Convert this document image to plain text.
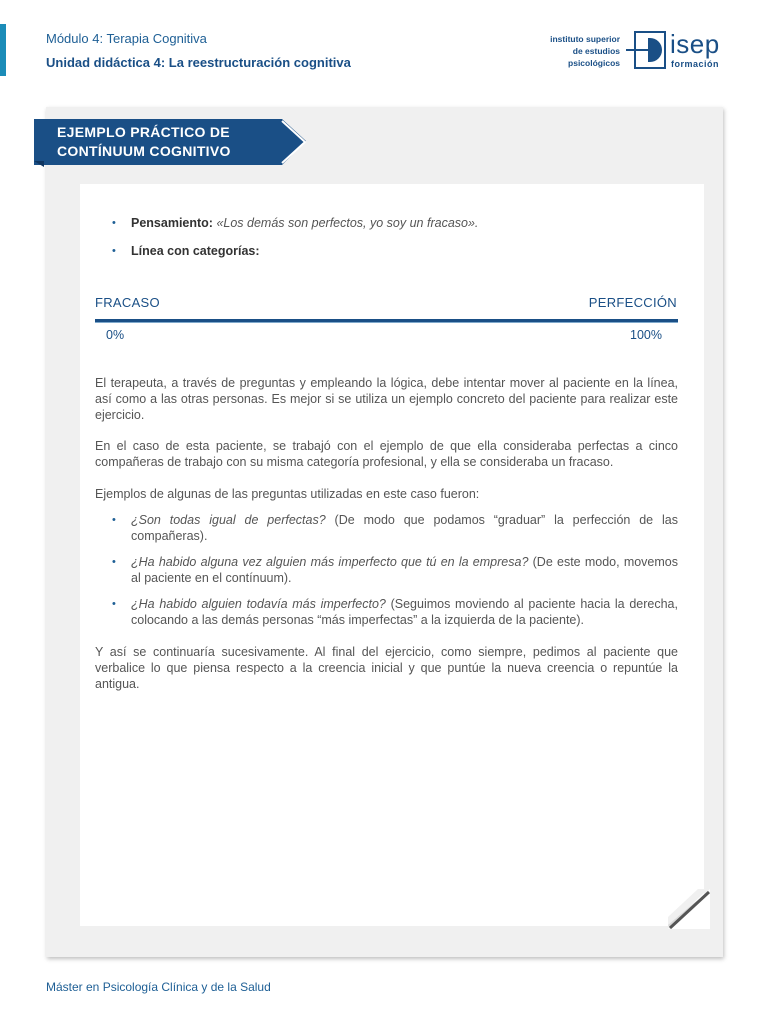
Módulo 4: Terapia Cognitiva
Unidad didáctica 4: La reestructuración cognitiva
instituto superior
de estudios
psicológicos
isep
formación
EJEMPLO PRÁCTICO DE
CONTÍNUUM COGNITIVO
• Pensamiento: «Los demás son perfectos, yo soy un fracaso».
• Línea con categorías:
FRACASO	PERFECCIÓN
0%	100%

El terapeuta, a través de preguntas y empleando la lógica, debe intentar mover al paciente en la línea, así como a las otras personas. Es mejor si se utiliza un ejemplo concreto del paciente para realizar este ejercicio.

En el caso de esta paciente, se trabajó con el ejemplo de que ella consideraba perfectas a cinco compañeras de trabajo con su misma categoría profesional, y ella se consideraba un fracaso.

Ejemplos de algunas de las preguntas utilizadas en este caso fueron:

• ¿Son todas igual de perfectas? (De modo que podamos “graduar” la perfección de las compañeras).
• ¿Ha habido alguna vez alguien más imperfecto que tú en la empresa? (De este modo, movemos al paciente en el contínuum).
• ¿Ha habido alguien todavía más imperfecto? (Seguimos moviendo al paciente hacia la derecha, colocando a las demás personas “más imperfectas” a la izquierda de la paciente).

Y así se continuaría sucesivamente. Al final del ejercicio, como siempre, pedimos al paciente que verbalice lo que piensa respecto a la creencia inicial y que puntúe la nueva creencia o repuntúe la antigua.

Máster en Psicología Clínica y de la Salud
